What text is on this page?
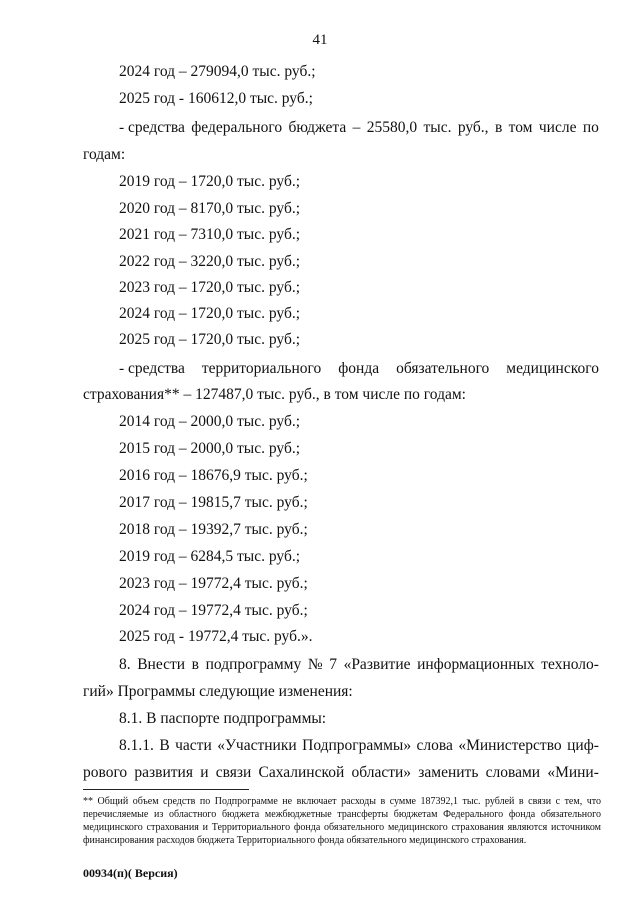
41
2024 год – 279094,0 тыс. руб.;
2025 год - 160612,0 тыс. руб.;
- средства федерального бюджета – 25580,0 тыс. руб., в том числе по
годам:
2019 год – 1720,0 тыс. руб.;
2020 год – 8170,0 тыс. руб.;
2021 год – 7310,0 тыс. руб.;
2022 год – 3220,0 тыс. руб.;
2023 год – 1720,0 тыс. руб.;
2024 год – 1720,0 тыс. руб.;
2025 год – 1720,0 тыс. руб.;
- средства территориального фонда обязательного медицинского
страхования** – 127487,0 тыс. руб., в том числе по годам:
2014 год – 2000,0 тыс. руб.;
2015 год – 2000,0 тыс. руб.;
2016 год – 18676,9 тыс. руб.;
2017 год – 19815,7 тыс. руб.;
2018 год – 19392,7 тыс. руб.;
2019 год – 6284,5 тыс. руб.;
2023 год – 19772,4 тыс. руб.;
2024 год – 19772,4 тыс. руб.;
2025 год - 19772,4 тыс. руб.».
8. Внести в подпрограмму № 7 «Развитие информационных техноло-
гий» Программы следующие изменения:
8.1. В паспорте подпрограммы:
8.1.1. В части «Участники Подпрограммы» слова «Министерство циф-
рового развития и связи Сахалинской области» заменить словами «Мини-
** Общий объем средств по Подпрограмме не включает расходы в сумме 187392,1 тыс. рублей в связи с тем, что перечисляемые из областного бюджета межбюджетные трансферты бюджетам Федерального фонда обязательного медицинского страхования и Территориального фонда обязательного медицинского страхования являются источником финансирования расходов бюджета Территориального фонда обязательного медицинского страхования.
00934(п)( Версия)
